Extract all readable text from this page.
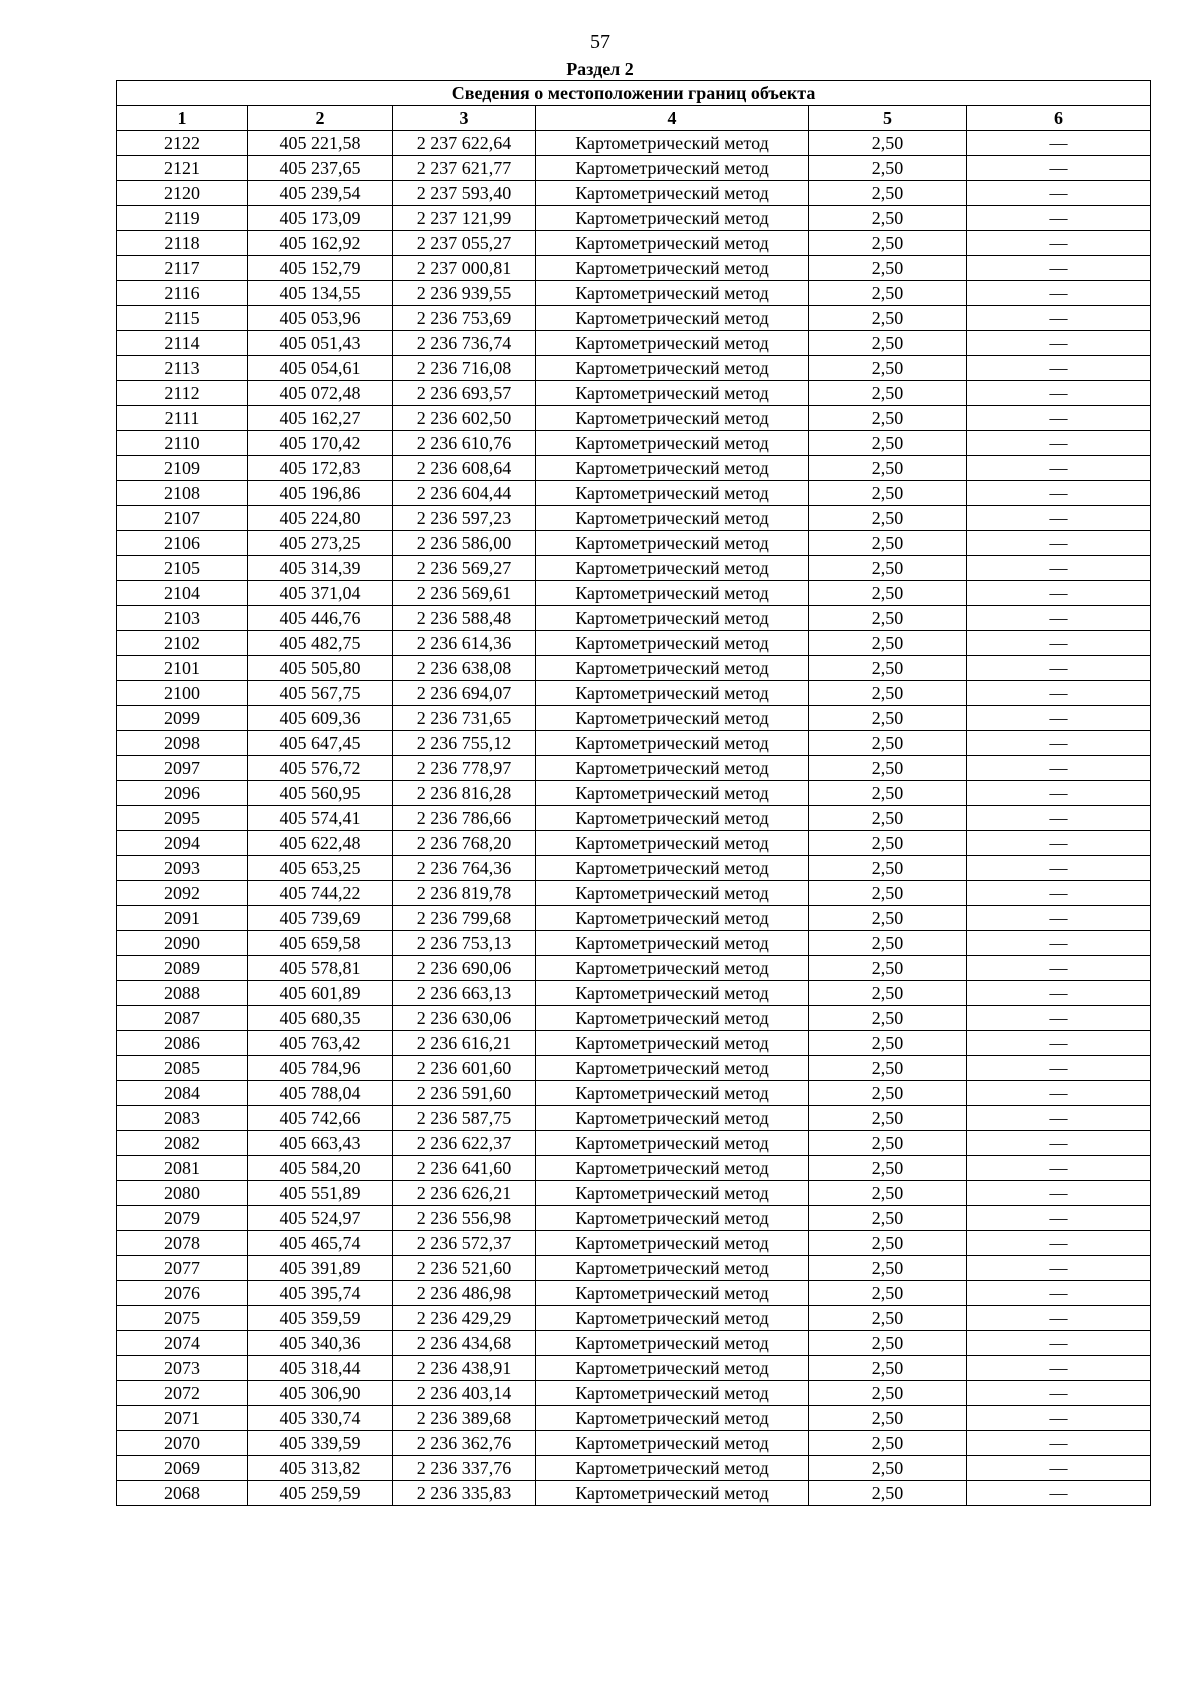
57
Раздел 2
Сведения о местоположении границ объекта					
1	2	3	4	5	6
2122	405 221,58	2 237 622,64	Картометрический метод	2,50	—
2121	405 237,65	2 237 621,77	Картометрический метод	2,50	—
2120	405 239,54	2 237 593,40	Картометрический метод	2,50	—
2119	405 173,09	2 237 121,99	Картометрический метод	2,50	—
2118	405 162,92	2 237 055,27	Картометрический метод	2,50	—
2117	405 152,79	2 237 000,81	Картометрический метод	2,50	—
2116	405 134,55	2 236 939,55	Картометрический метод	2,50	—
2115	405 053,96	2 236 753,69	Картометрический метод	2,50	—
2114	405 051,43	2 236 736,74	Картометрический метод	2,50	—
2113	405 054,61	2 236 716,08	Картометрический метод	2,50	—
2112	405 072,48	2 236 693,57	Картометрический метод	2,50	—
2111	405 162,27	2 236 602,50	Картометрический метод	2,50	—
2110	405 170,42	2 236 610,76	Картометрический метод	2,50	—
2109	405 172,83	2 236 608,64	Картометрический метод	2,50	—
2108	405 196,86	2 236 604,44	Картометрический метод	2,50	—
2107	405 224,80	2 236 597,23	Картометрический метод	2,50	—
2106	405 273,25	2 236 586,00	Картометрический метод	2,50	—
2105	405 314,39	2 236 569,27	Картометрический метод	2,50	—
2104	405 371,04	2 236 569,61	Картометрический метод	2,50	—
2103	405 446,76	2 236 588,48	Картометрический метод	2,50	—
2102	405 482,75	2 236 614,36	Картометрический метод	2,50	—
2101	405 505,80	2 236 638,08	Картометрический метод	2,50	—
2100	405 567,75	2 236 694,07	Картометрический метод	2,50	—
2099	405 609,36	2 236 731,65	Картометрический метод	2,50	—
2098	405 647,45	2 236 755,12	Картометрический метод	2,50	—
2097	405 576,72	2 236 778,97	Картометрический метод	2,50	—
2096	405 560,95	2 236 816,28	Картометрический метод	2,50	—
2095	405 574,41	2 236 786,66	Картометрический метод	2,50	—
2094	405 622,48	2 236 768,20	Картометрический метод	2,50	—
2093	405 653,25	2 236 764,36	Картометрический метод	2,50	—
2092	405 744,22	2 236 819,78	Картометрический метод	2,50	—
2091	405 739,69	2 236 799,68	Картометрический метод	2,50	—
2090	405 659,58	2 236 753,13	Картометрический метод	2,50	—
2089	405 578,81	2 236 690,06	Картометрический метод	2,50	—
2088	405 601,89	2 236 663,13	Картометрический метод	2,50	—
2087	405 680,35	2 236 630,06	Картометрический метод	2,50	—
2086	405 763,42	2 236 616,21	Картометрический метод	2,50	—
2085	405 784,96	2 236 601,60	Картометрический метод	2,50	—
2084	405 788,04	2 236 591,60	Картометрический метод	2,50	—
2083	405 742,66	2 236 587,75	Картометрический метод	2,50	—
2082	405 663,43	2 236 622,37	Картометрический метод	2,50	—
2081	405 584,20	2 236 641,60	Картометрический метод	2,50	—
2080	405 551,89	2 236 626,21	Картометрический метод	2,50	—
2079	405 524,97	2 236 556,98	Картометрический метод	2,50	—
2078	405 465,74	2 236 572,37	Картометрический метод	2,50	—
2077	405 391,89	2 236 521,60	Картометрический метод	2,50	—
2076	405 395,74	2 236 486,98	Картометрический метод	2,50	—
2075	405 359,59	2 236 429,29	Картометрический метод	2,50	—
2074	405 340,36	2 236 434,68	Картометрический метод	2,50	—
2073	405 318,44	2 236 438,91	Картометрический метод	2,50	—
2072	405 306,90	2 236 403,14	Картометрический метод	2,50	—
2071	405 330,74	2 236 389,68	Картометрический метод	2,50	—
2070	405 339,59	2 236 362,76	Картометрический метод	2,50	—
2069	405 313,82	2 236 337,76	Картометрический метод	2,50	—
2068	405 259,59	2 236 335,83	Картометрический метод	2,50	—
